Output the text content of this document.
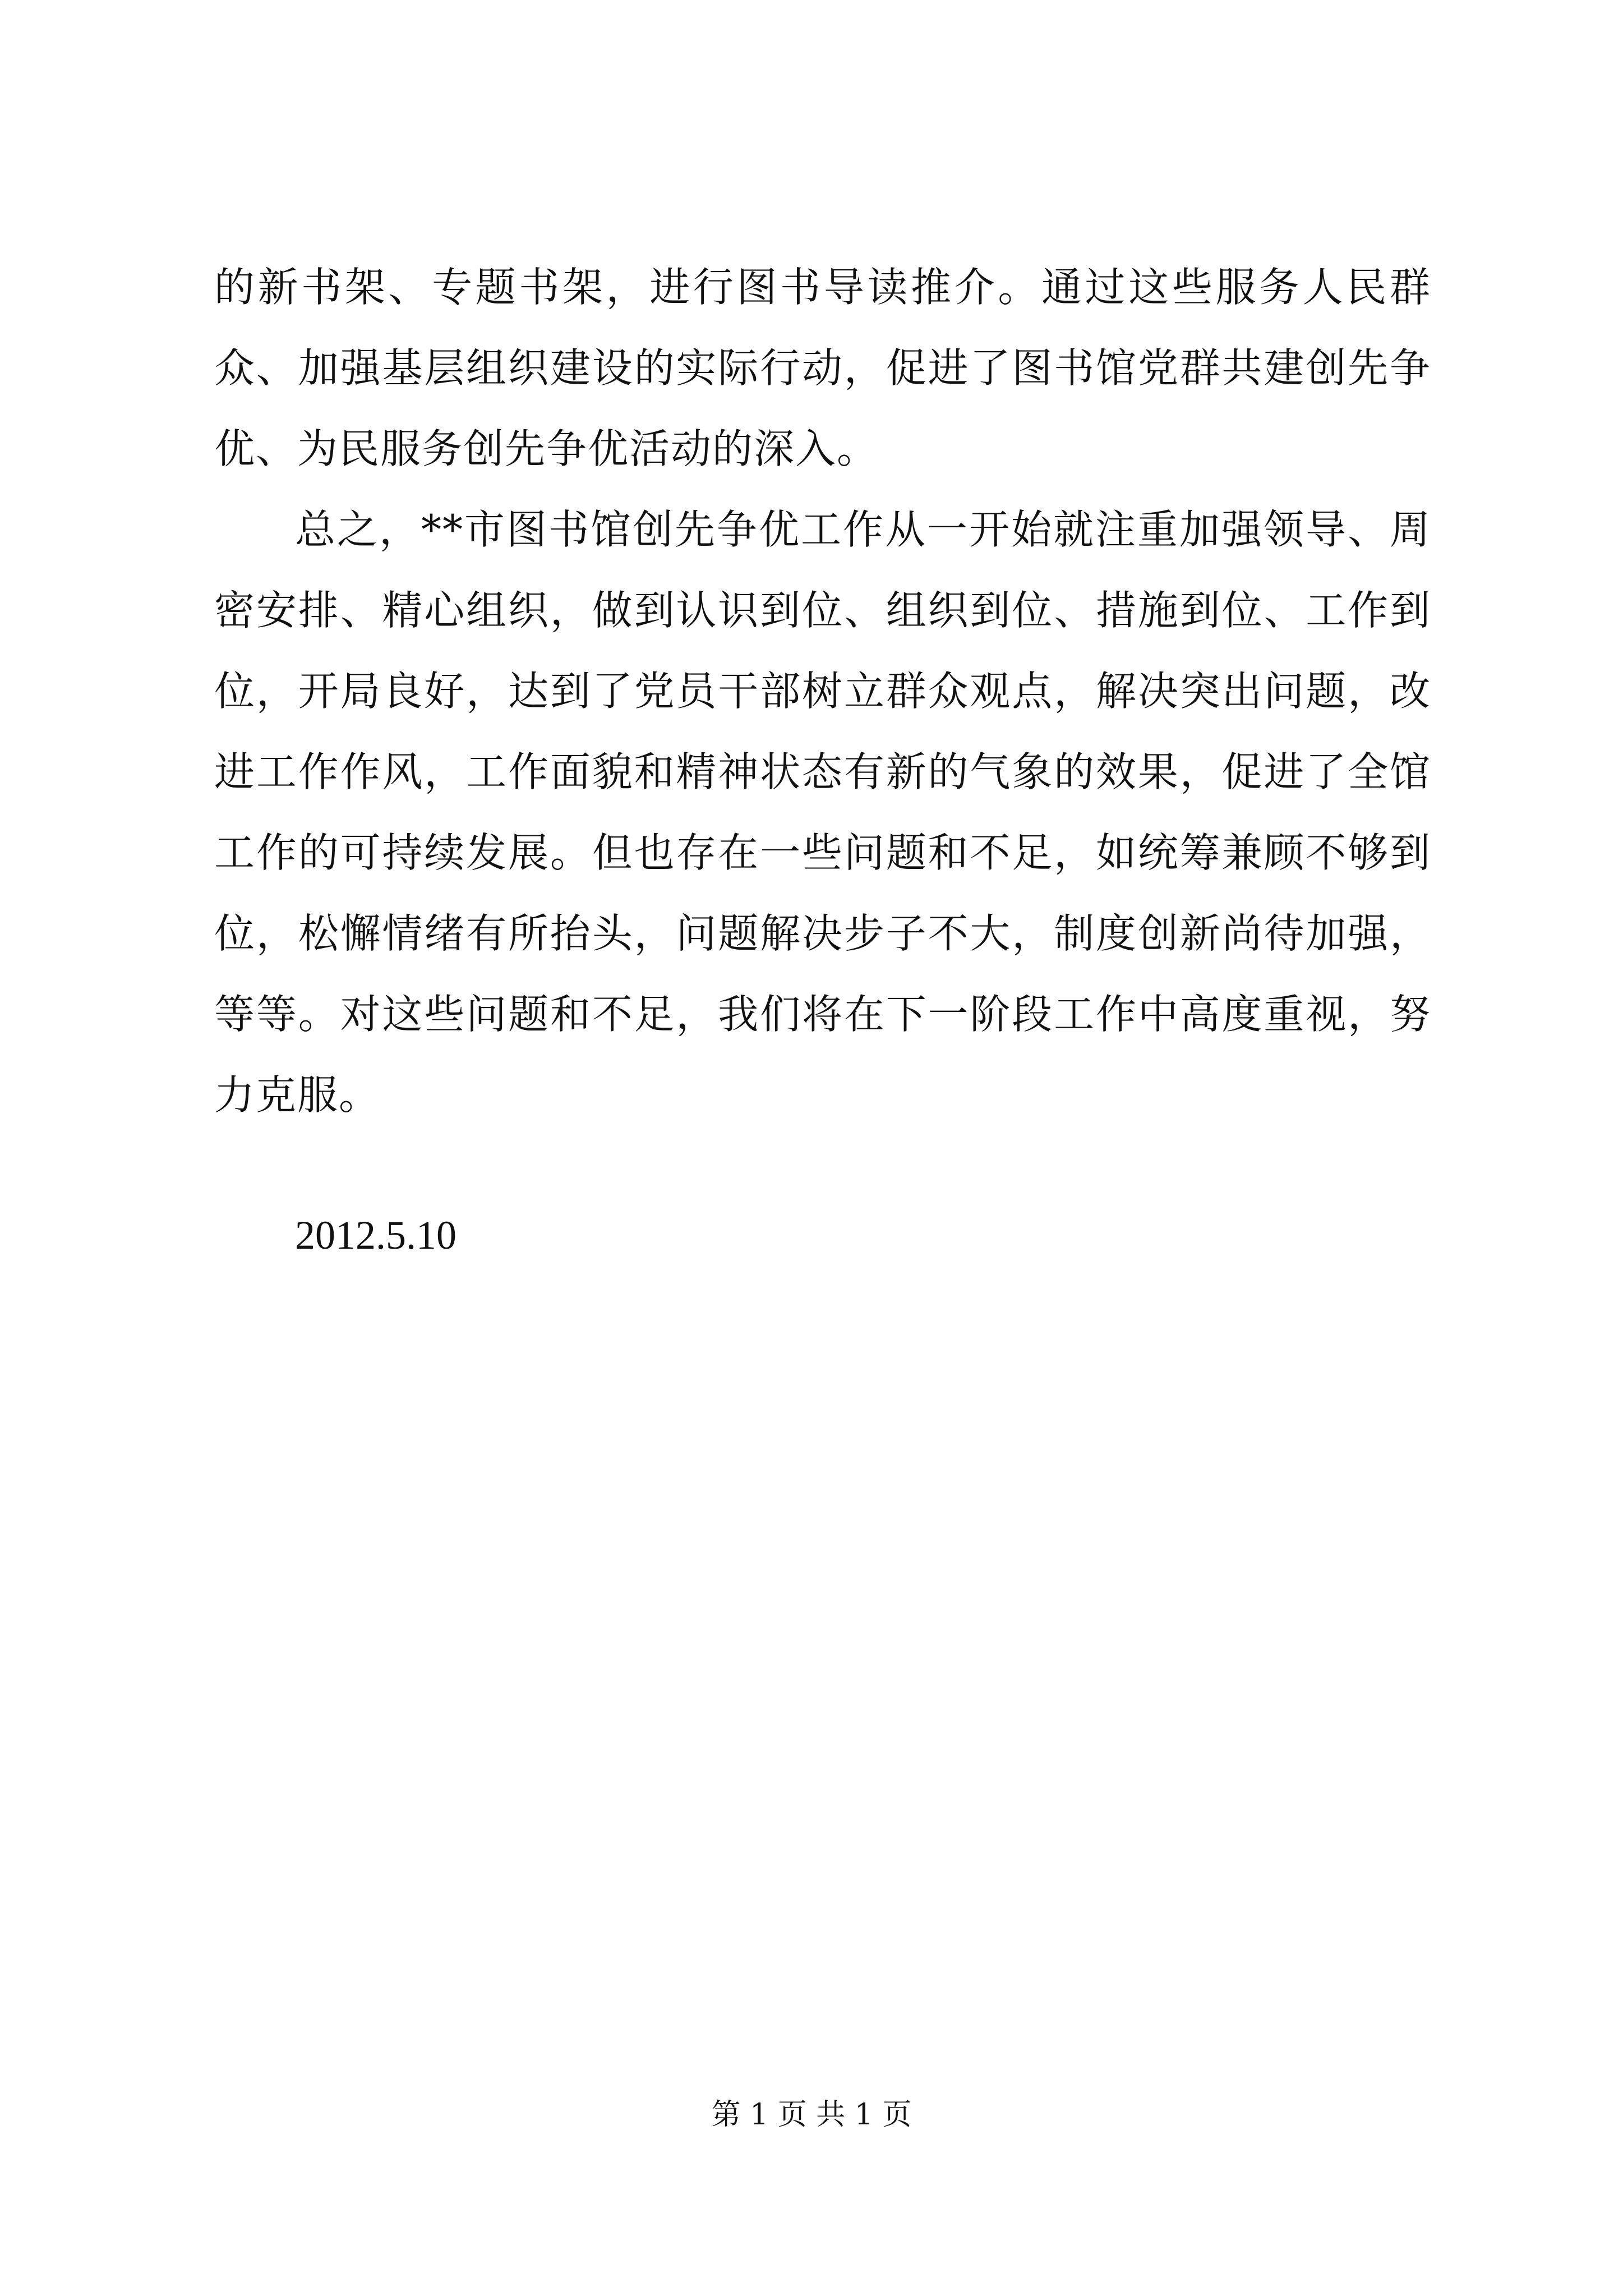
的新书架、专题书架，进行图书导读推介。通过这些服务人民群众、加强基层组织建设的实际行动，促进了图书馆党群共建创先争优、为民服务创先争优活动的深入。

总之，**市图书馆创先争优工作从一开始就注重加强领导、周密安排、精心组织，做到认识到位、组织到位、措施到位、工作到位，开局良好，达到了党员干部树立群众观点，解决突出问题，改进工作作风，工作面貌和精神状态有新的气象的效果，促进了全馆工作的可持续发展。但也存在一些问题和不足，如统筹兼顾不够到位，松懈情绪有所抬头，问题解决步子不大，制度创新尚待加强，等等。对这些问题和不足，我们将在下一阶段工作中高度重视，努力克服。

2012.5.10
第 1 页 共 1 页
